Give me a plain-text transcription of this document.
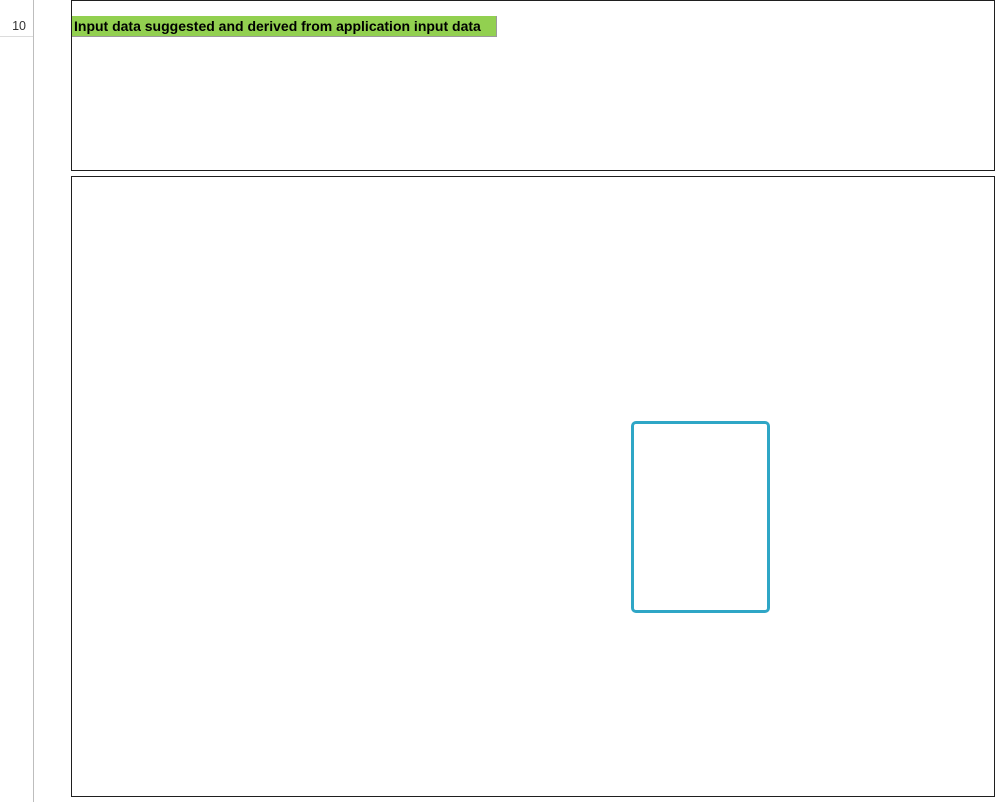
10	Input data suggested and derived from application input data
